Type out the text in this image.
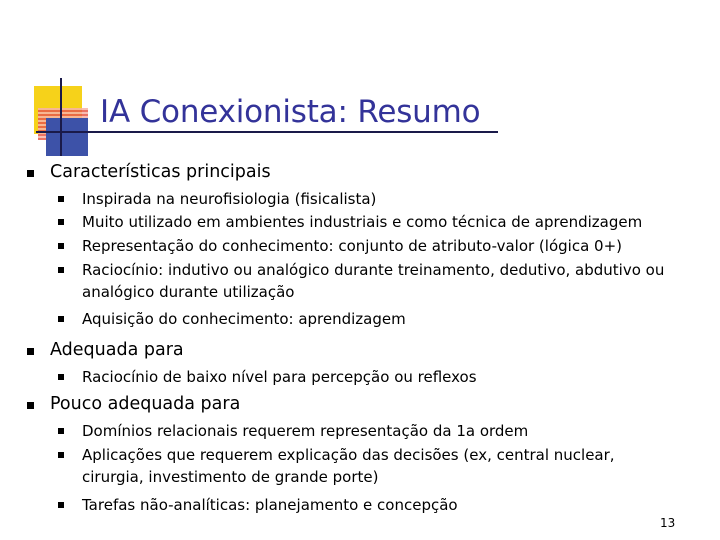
IA Conexionista: Resumo
Características principais
Inspirada na neurofisiologia (fisicalista)
Muito utilizado em ambientes industriais e como técnica de aprendizagem
Representação do conhecimento: conjunto de atributo-valor (lógica 0+)
Raciocínio: indutivo ou analógico durante treinamento, dedutivo, abdutivo ou
analógico durante utilização
Aquisição do conhecimento: aprendizagem
Adequada para
Raciocínio de baixo nível para percepção ou reflexos
Pouco adequada para
Domínios relacionais requerem representação da 1a ordem
Aplicações que requerem explicação das decisões (ex, central nuclear,
cirurgia, investimento de grande porte)
Tarefas não-analíticas: planejamento e concepção
13
